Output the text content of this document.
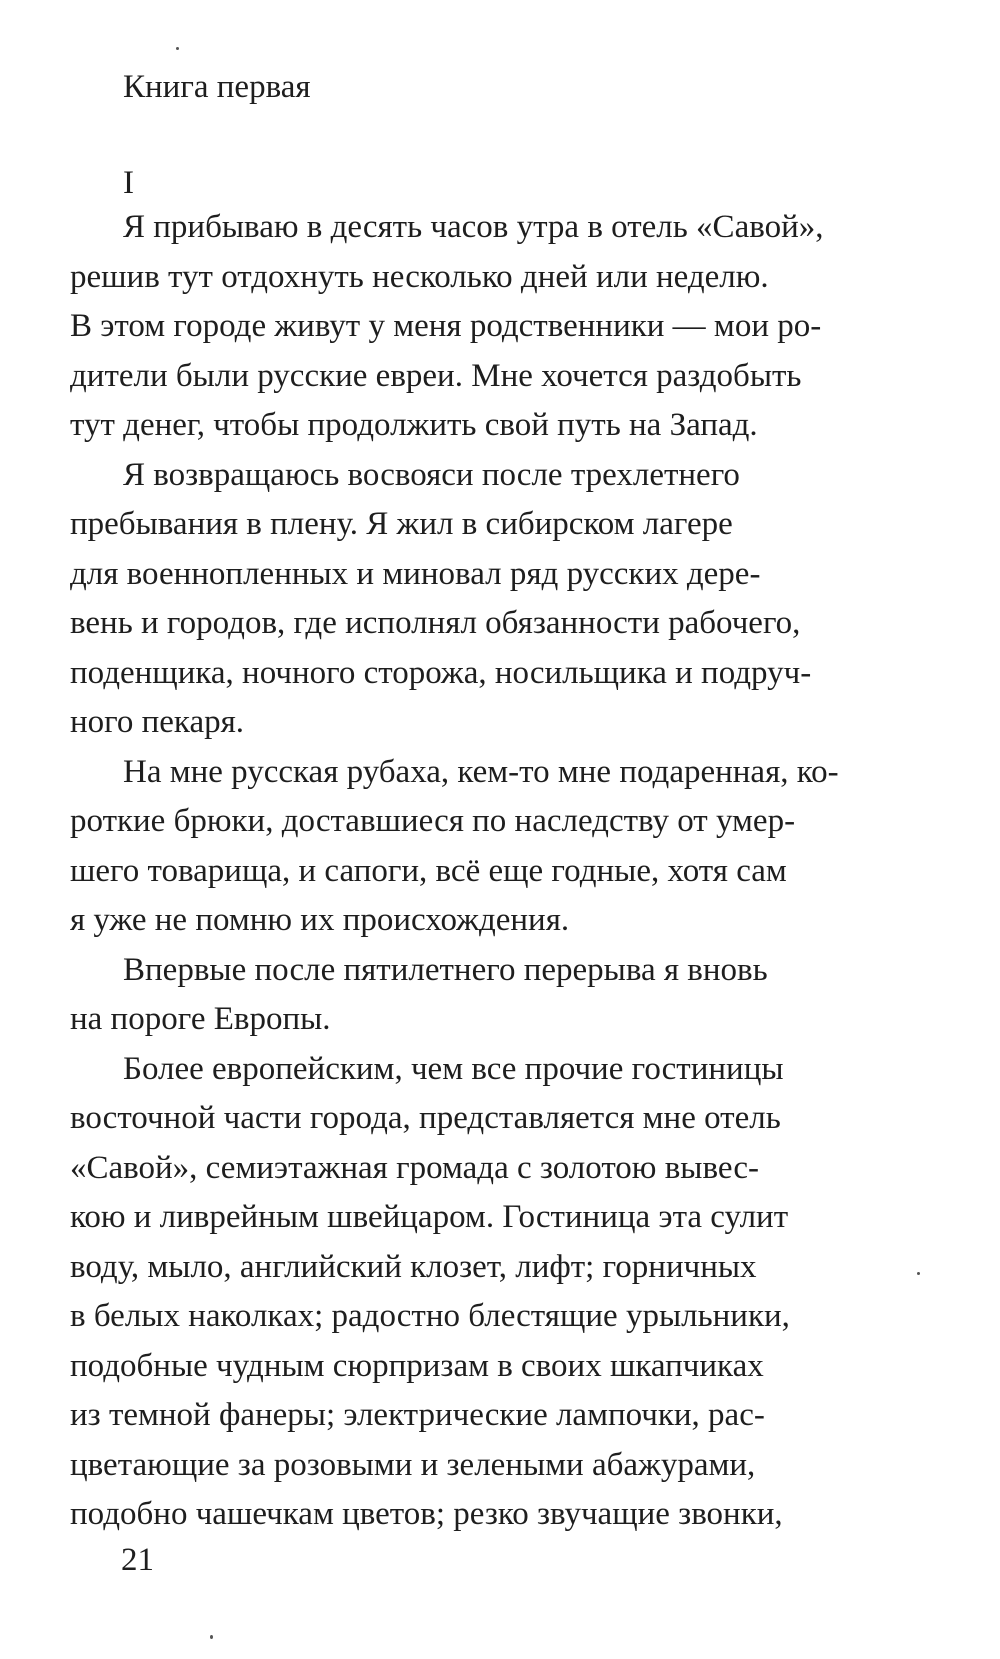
Книга первая
I
Я прибываю в десять часов утра в отель «Савой»,
решив тут отдохнуть несколько дней или неделю.
В этом городе живут у меня родственники — мои ро-
дители были русские евреи. Мне хочется раздобыть
тут денег, чтобы продолжить свой путь на Запад.
Я возвращаюсь восвояси после трехлетнего
пребывания в плену. Я жил в сибирском лагере
для военнопленных и миновал ряд русских дере-
вень и городов, где исполнял обязанности рабочего,
поденщика, ночного сторожа, носильщика и подруч-
ного пекаря.
На мне русская рубаха, кем-то мне подаренная, ко-
роткие брюки, доставшиеся по наследству от умер-
шего товарища, и сапоги, всё еще годные, хотя сам
я уже не помню их происхождения.
Впервые после пятилетнего перерыва я вновь
на пороге Европы.
Более европейским, чем все прочие гостиницы
восточной части города, представляется мне отель
«Савой», семиэтажная громада с золотою вывес-
кою и ливрейным швейцаром. Гостиница эта сулит
воду, мыло, английский клозет, лифт; горничных
в белых наколках; радостно блестящие урыльники,
подобные чудным сюрпризам в своих шкапчиках
из темной фанеры; электрические лампочки, рас-
цветающие за розовыми и зелеными абажурами,
подобно чашечкам цветов; резко звучащие звонки,
21
